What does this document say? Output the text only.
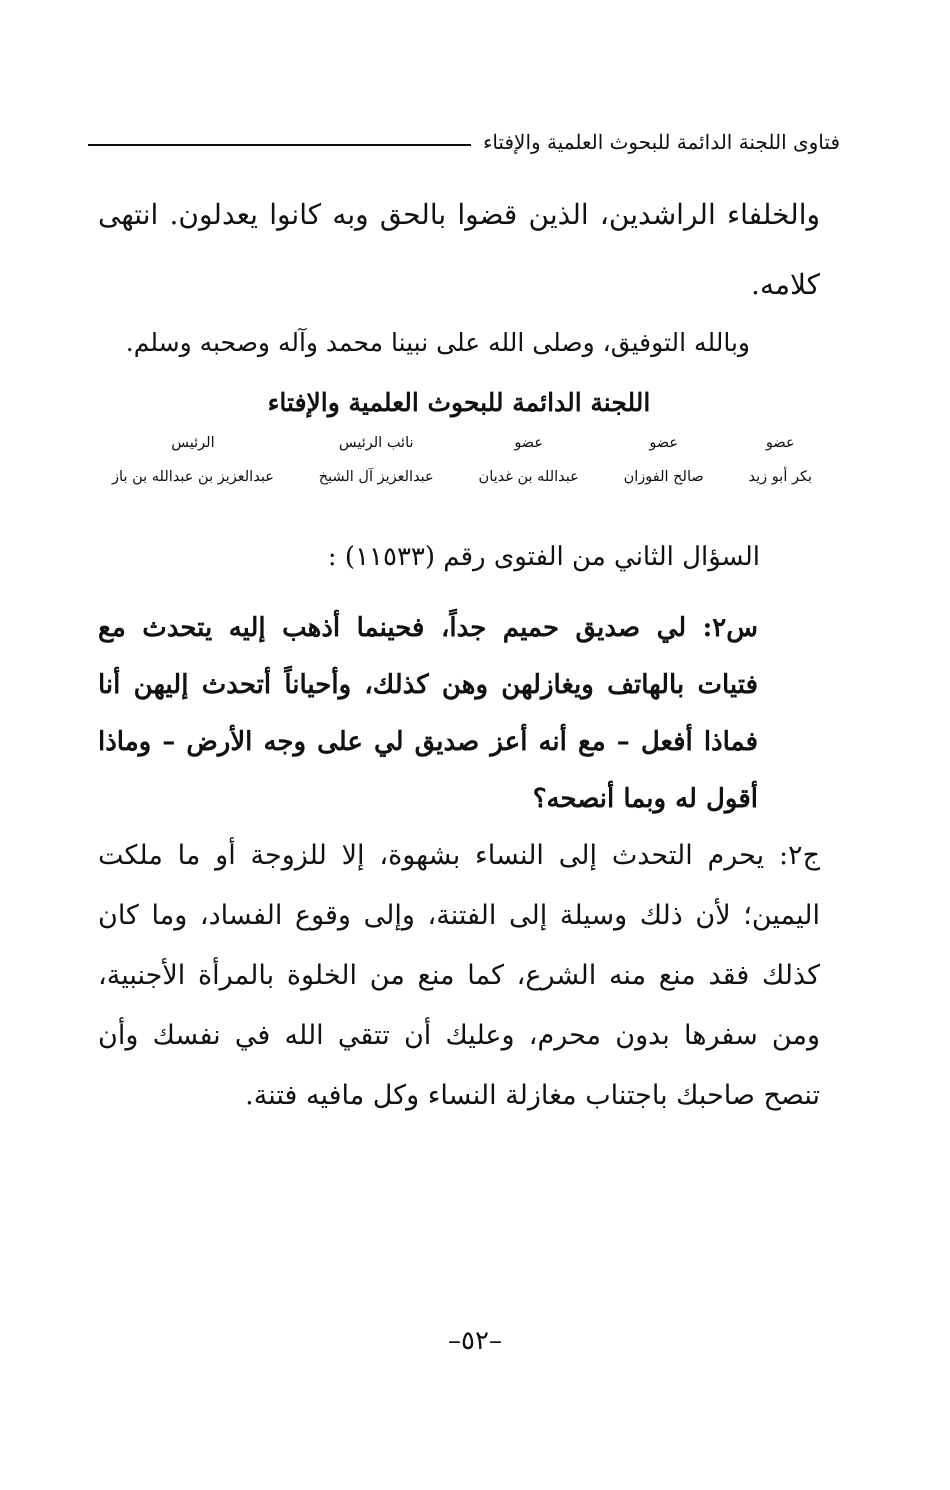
فتاوى اللجنة الدائمة للبحوث العلمية والإفتاء
والخلفاء الراشدين، الذين قضوا بالحق وبه كانوا يعدلون. انتهى كلامه.
وبالله التوفيق، وصلى الله على نبينا محمد وآله وصحبه وسلم.
اللجنة الدائمة للبحوث العلمية والإفتاء
عضو
بكر أبو زيد
عضو
صالح الفوزان
عضو
عبدالله بن غديان
نائب الرئيس
عبدالعزيز آل الشيخ
الرئيس
عبدالعزيز بن عبدالله بن باز
السؤال الثاني من الفتوى رقم (١١٥٣٣) :
س٢: لي صديق حميم جداً، فحينما أذهب إليه يتحدث مع فتيات بالهاتف ويغازلهن وهن كذلك، وأحياناً أتحدث إليهن أنا فماذا أفعل – مع أنه أعز صديق لي على وجه الأرض – وماذا أقول له وبما أنصحه؟
ج٢: يحرم التحدث إلى النساء بشهوة، إلا للزوجة أو ما ملكت اليمين؛ لأن ذلك وسيلة إلى الفتنة، وإلى وقوع الفساد، وما كان كذلك فقد منع منه الشرع، كما منع من الخلوة بالمرأة الأجنبية، ومن سفرها بدون محرم، وعليك أن تتقي الله في نفسك وأن تنصح صاحبك باجتناب مغازلة النساء وكل مافيه فتنة.
–٥٢–
